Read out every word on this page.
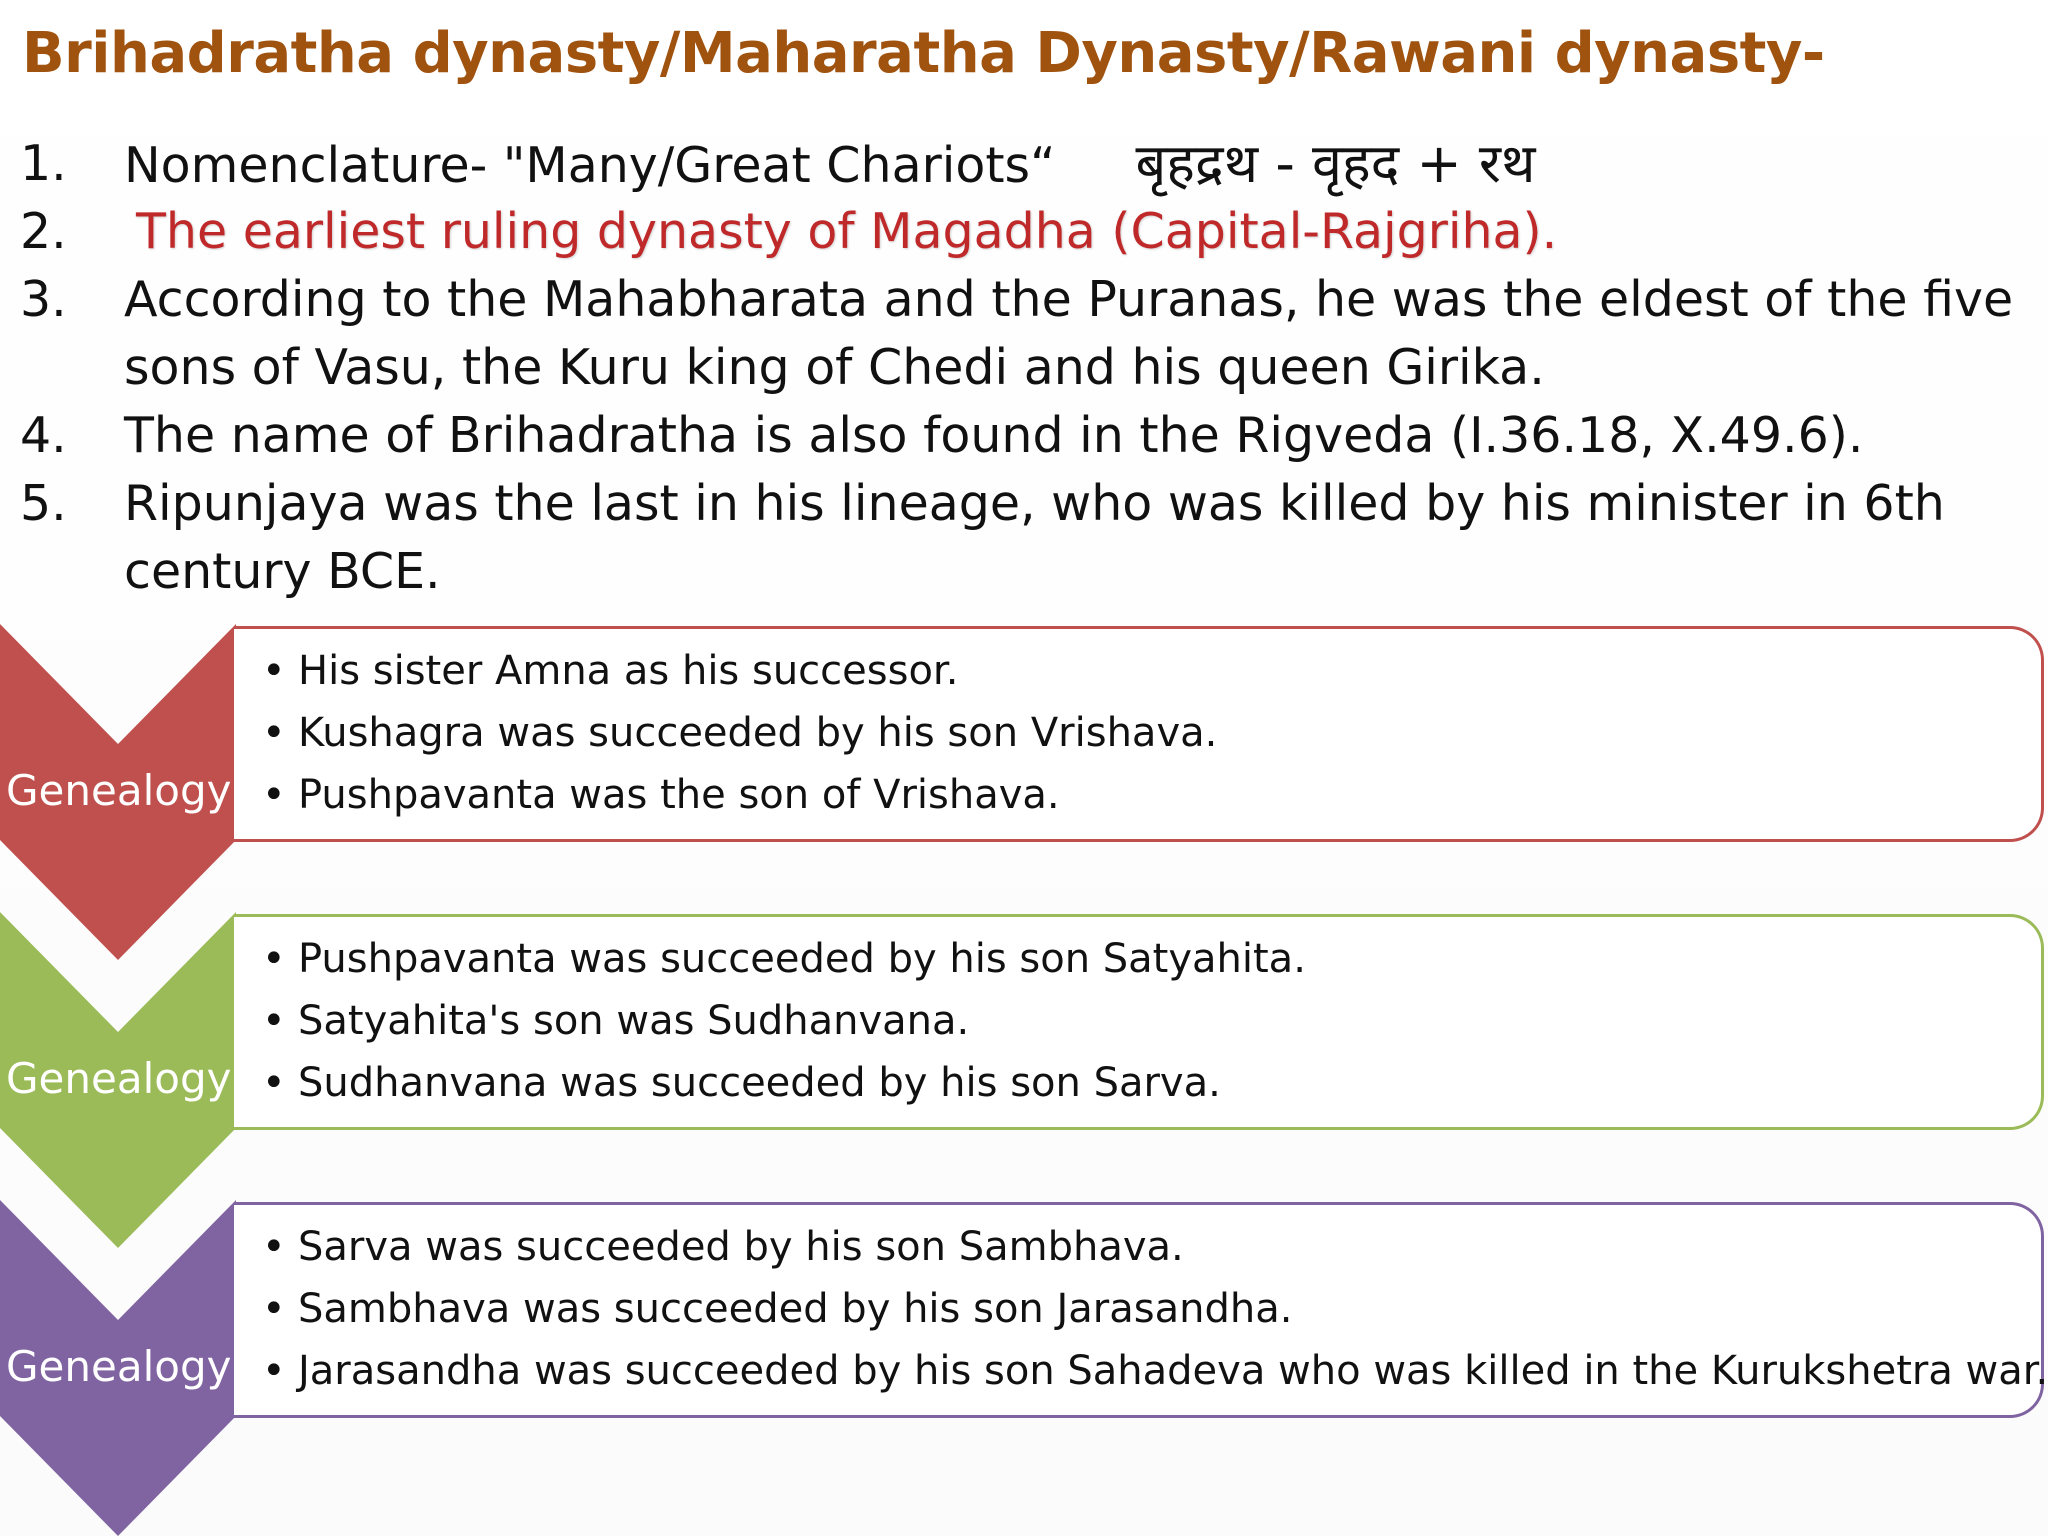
Brihadratha dynasty/Maharatha Dynasty/Rawani dynasty-
1. Nomenclature- "Many/Great Chariots“ बृहद्रथ - वृहद + रथ
2. The earliest ruling dynasty of Magadha (Capital-Rajgriha).
3. According to the Mahabharata and the Puranas, he was the eldest of the five sons of Vasu, the Kuru king of Chedi and his queen Girika.
4. The name of Brihadratha is also found in the Rigveda (I.36.18, X.49.6).
5. Ripunjaya was the last in his lineage, who was killed by his minister in 6th century BCE.
Genealogy
• His sister Amna as his successor.
• Kushagra was succeeded by his son Vrishava.
• Pushpavanta was the son of Vrishava.
Genealogy
• Pushpavanta was succeeded by his son Satyahita.
• Satyahita's son was Sudhanvana.
• Sudhanvana was succeeded by his son Sarva.
Genealogy
• Sarva was succeeded by his son Sambhava.
• Sambhava was succeeded by his son Jarasandha.
• Jarasandha was succeeded by his son Sahadeva who was killed in the Kurukshetra war.
